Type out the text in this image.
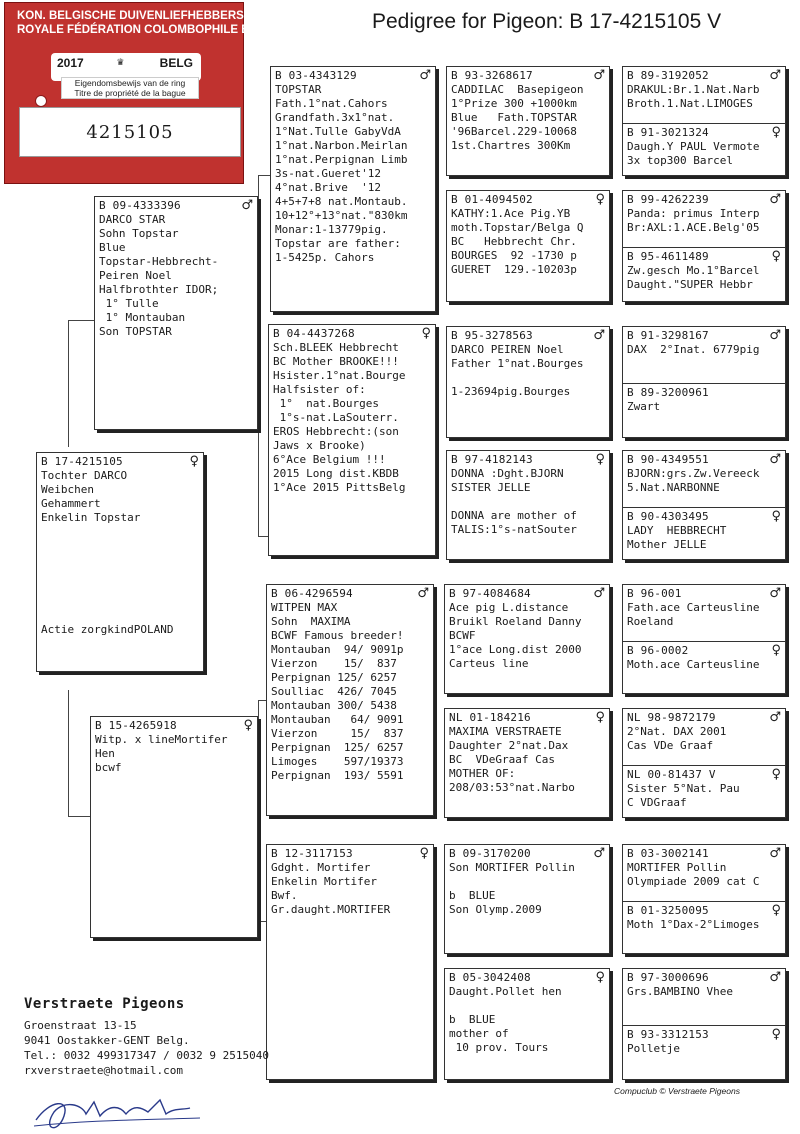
Pedigree for Pigeon: B 17-4215105 V
KON. BELGISCHE DUIVENLIEFHEBBERSBOND
ROYALE FÉDÉRATION COLOMBOPHILE BELGE
2017	♛	BELG
Eigendomsbewijs van de ring
Titre de propriété de la bague
4215105
B 17-4215105	♀
Tochter DARCO
Weibchen
Gehammert
Enkelin Topstar

Actie zorgkindPOLAND
B 09-4333396	♂
DARCO STAR
Sohn Topstar
Blue
Topstar-Hebbrecht-
Peiren Noel
Halfbrothter IDOR;
1° Tulle
1° Montauban
Son TOPSTAR
B 15-4265918	♀
Witp. x lineMortifer
Hen
bcwf
B 03-4343129	♂
TOPSTAR
Fath.1°nat.Cahors
Grandfath.3x1°nat.
1°Nat.Tulle GabyVdA
1°nat.Narbon.Meirlan
1°nat.Perpignan Limb
3s-nat.Gueret'12
4°nat.Brive  '12
4+5+7+8 nat.Montaub.
10+12°+13°nat."830km
Monar:1-13779pig.
Topstar are father:
1-5425p. Cahors
B 04-4437268	♀
Sch.BLEEK Hebbrecht
BC Mother BROOKE!!!
Hsister.1°nat.Bourge
Halfsister of:
1°  nat.Bourges
1°s-nat.LaSouterr.
EROS Hebbrecht:(son
Jaws x Brooke)
6°Ace Belgium !!!
2015 Long dist.KBDB
1°Ace 2015 PittsBelg
B 06-4296594	♂
WITPEN MAX
Sohn  MAXIMA
BCWF Famous breeder!
Montauban  94/ 9091p
Vierzon    15/  837
Perpignan 125/ 6257
Soulliac  426/ 7045
Montauban 300/ 5438
Montauban   64/ 9091
Vierzon     15/  837
Perpignan  125/ 6257
Limoges    597/19373
Perpignan  193/ 5591
B 12-3117153	♀
Gdght. Mortifer
Enkelin Mortifer
Bwf.
Gr.daught.MORTIFER
B 93-3268617	♂
CADDILAC  Basepigeon
1°Prize 300 +1000km
Blue   Fath.TOPSTAR
'96Barcel.229-10068
1st.Chartres 300Km
B 01-4094502	♀
KATHY:1.Ace Pig.YB
moth.Topstar/Belga Q
BC   Hebbrecht Chr.
BOURGES  92 -1730 p
GUERET  129.-10203p
B 95-3278563	♂
DARCO PEIREN Noel
Father 1°nat.Bourges

1-23694pig.Bourges
B 97-4182143	♀
DONNA :Dght.BJORN
SISTER JELLE

DONNA are mother of
TALIS:1°s-natSouter
B 97-4084684	♂
Ace pig L.distance
Bruikl Roeland Danny
BCWF
1°ace Long.dist 2000
Carteus line
NL 01-184216	♀
MAXIMA VERSTRAETE
Daughter 2°nat.Dax
BC  VDeGraaf Cas
MOTHER OF:
208/03:53°nat.Narbo
B 09-3170200	♂
Son MORTIFER Pollin

b  BLUE
Son Olymp.2009
B 05-3042408	♀
Daught.Pollet hen

b  BLUE
mother of
10 prov. Tours
B 89-3192052	♂
DRAKUL:Br.1.Nat.Narb
Broth.1.Nat.LIMOGES
B 91-3021324	♀
Daugh.Y PAUL Vermote
3x top300 Barcel
B 99-4262239	♂
Panda: primus Interp
Br:AXL:1.ACE.Belg'05
B 95-4611489	♀
Zw.gesch Mo.1°Barcel
Daught."SUPER Hebbr
B 91-3298167	♂
DAX  2°Inat. 6779pig
B 89-3200961
Zwart
B 90-4349551	♂
BJORN:grs.Zw.Vereeck
5.Nat.NARBONNE
B 90-4303495	♀
LADY  HEBBRECHT
Mother JELLE
B 96-001	♂
Fath.ace Carteusline
Roeland
B 96-0002	♀
Moth.ace Carteusline
NL 98-9872179	♂
2°Nat. DAX 2001
Cas VDe Graaf
NL 00-81437 V	♀
Sister 5°Nat. Pau
C VDGraaf
B 03-3002141	♂
MORTIFER Pollin
Olympiade 2009 cat C
B 01-3250095	♀
Moth 1°Dax-2°Limoges
B 97-3000696	♂
Grs.BAMBINO Vhee
B 93-3312153	♀
Polletje
Verstraete Pigeons
Groenstraat 13-15
9041 Oostakker-GENT Belg.
Tel.: 0032 499317347 / 0032 9 2515040
rxverstraete@hotmail.com
Compuclub © Verstraete Pigeons
